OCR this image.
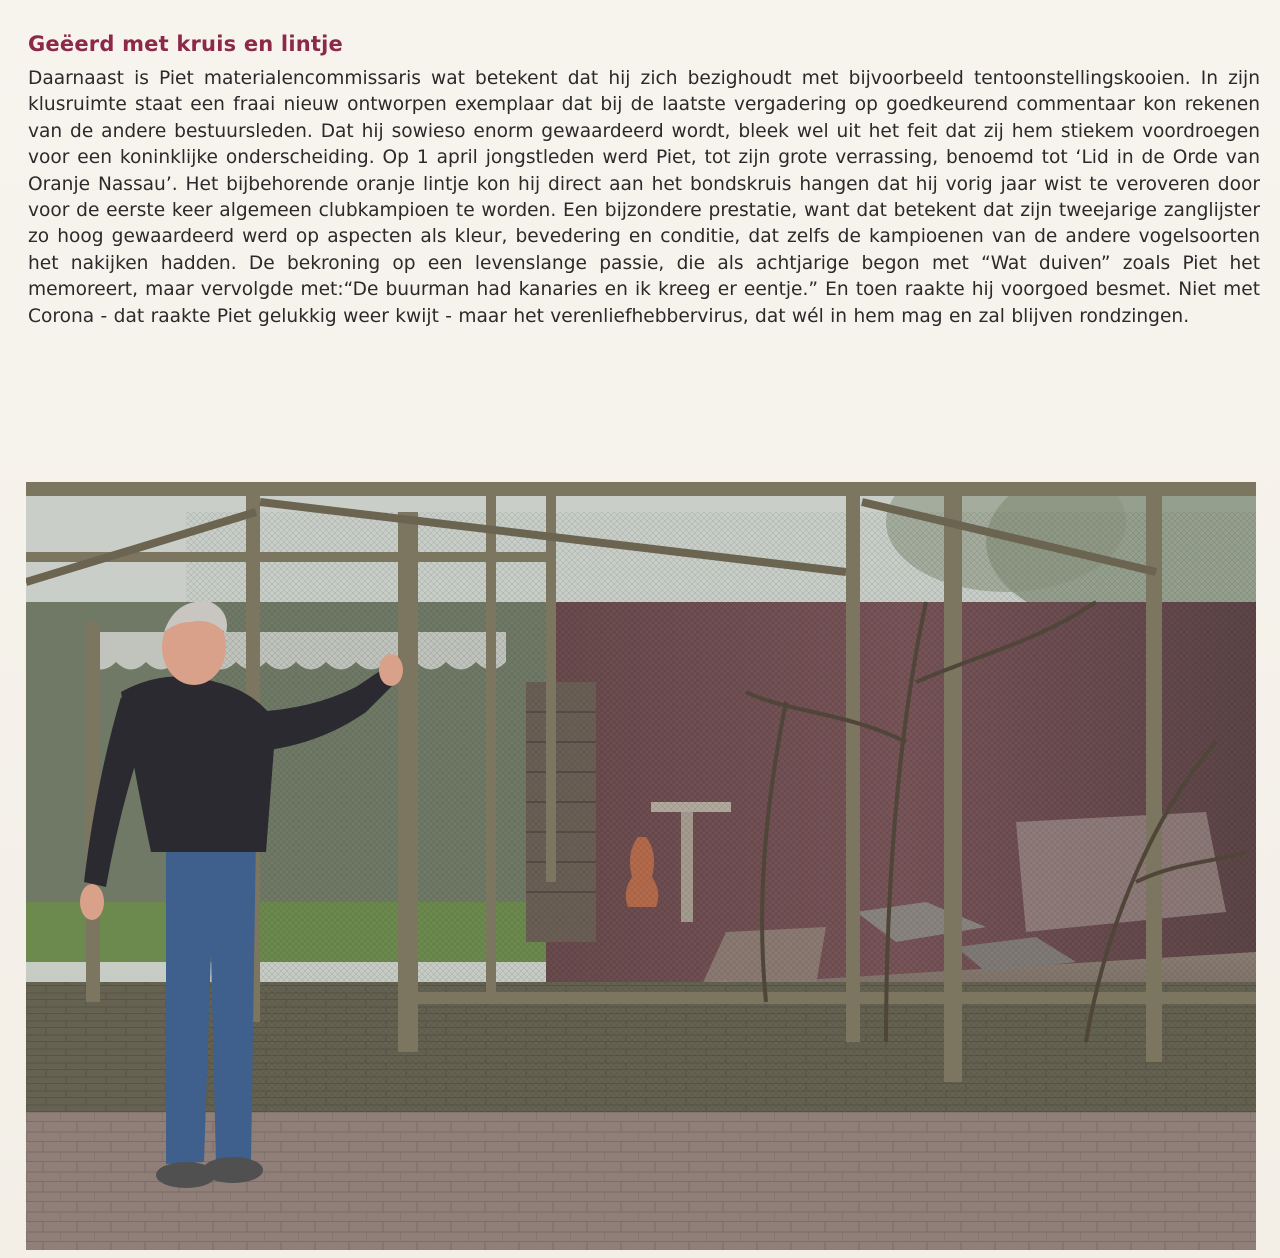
Geëerd met kruis en lintje

Daarnaast is Piet materialencommissaris wat betekent dat hij zich bezighoudt met bijvoorbeeld tentoonstellingskooien. In zijn klusruimte staat een fraai nieuw ontworpen exemplaar dat bij de laatste vergadering op goedkeurend commentaar kon rekenen van de andere bestuursleden. Dat hij sowieso enorm gewaardeerd wordt, bleek wel uit het feit dat zij hem stiekem voordroegen voor een koninklijke onderscheiding. Op 1 april jongstleden werd Piet, tot zijn grote verrassing, benoemd tot ‘Lid in de Orde van Oranje Nassau’. Het bijbehorende oranje lintje kon hij direct aan het bondskruis hangen dat hij vorig jaar wist te veroveren door voor de eerste keer algemeen clubkampioen te worden. Een bijzondere prestatie, want dat betekent dat zijn tweejarige zanglijster zo hoog gewaardeerd werd op aspecten als kleur, bevedering en conditie, dat zelfs de kampioenen van de andere vogelsoorten het nakijken hadden. De bekroning op een levenslange passie, die als achtjarige begon met “Wat duiven” zoals Piet het memoreert, maar vervolgde met:“De buurman had kanaries en ik kreeg er eentje.” En toen raakte hij voorgoed besmet. Niet met Corona - dat raakte Piet gelukkig weer kwijt - maar het verenliefhebbervirus, dat wél in hem mag en zal blijven rondzingen.
